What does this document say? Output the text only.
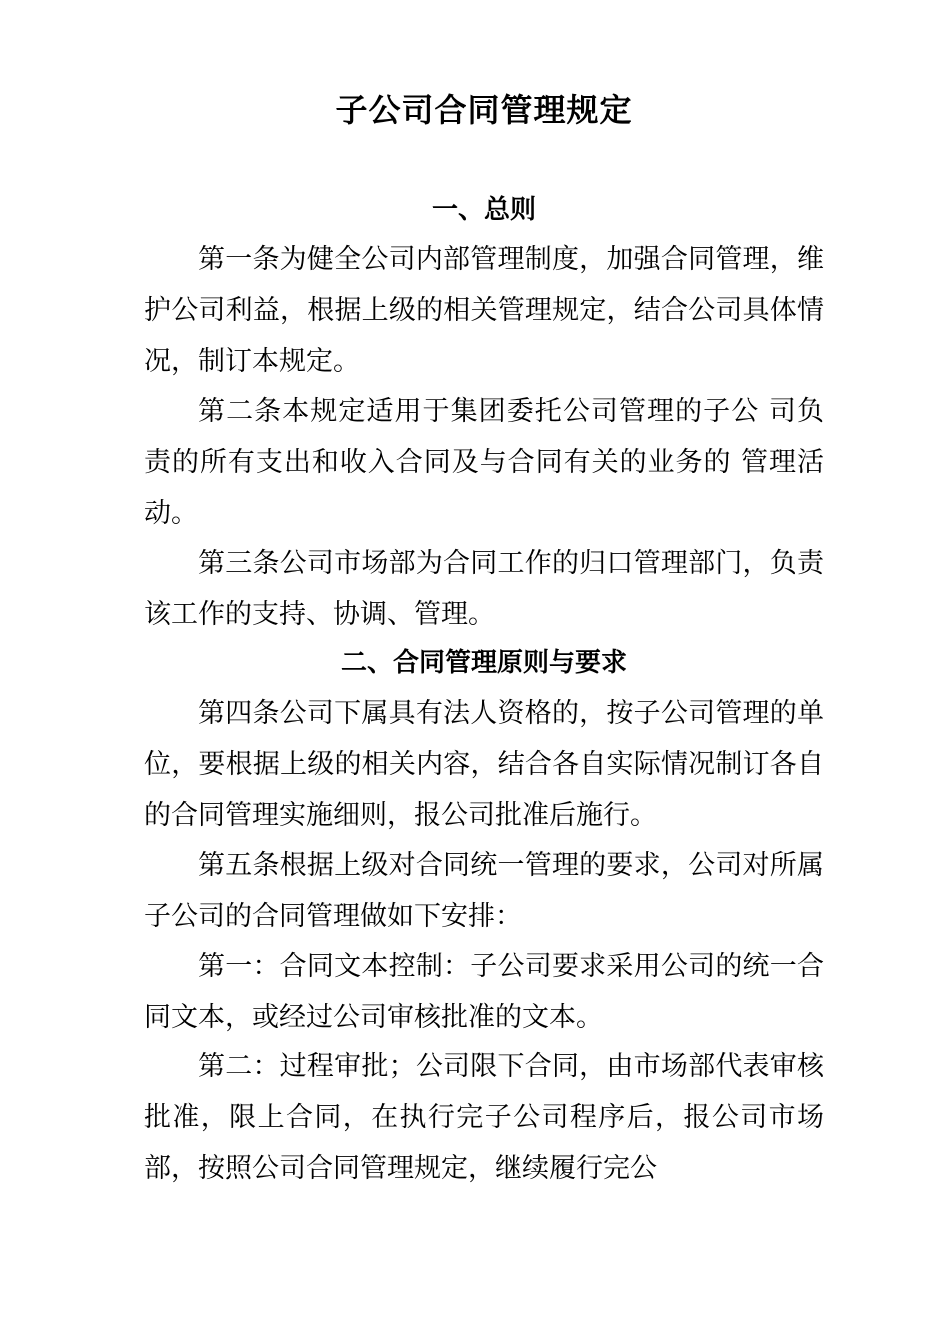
子公司合同管理规定
一、总则
第一条为健全公司内部管理制度，加强合同管理，维护公司利益，根据上级的相关管理规定，结合公司具体情况，制订本规定。
第二条本规定适用于集团委托公司管理的子公 司负责的所有支出和收入合同及与合同有关的业务的 管理活动。
第三条公司市场部为合同工作的归口管理部门，负责该工作的支持、协调、管理。
二、合同管理原则与要求
第四条公司下属具有法人资格的，按子公司管理的单位，要根据上级的相关内容，结合各自实际情况制订各自的合同管理实施细则，报公司批准后施行。
第五条根据上级对合同统一管理的要求，公司对所属子公司的合同管理做如下安排：
第一：合同文本控制：子公司要求采用公司的统一合同文本，或经过公司审核批准的文本。
第二：过程审批；公司限下合同，由市场部代表审核批准，限上合同，在执行完子公司程序后，报公司市场部，按照公司合同管理规定，继续履行完公
